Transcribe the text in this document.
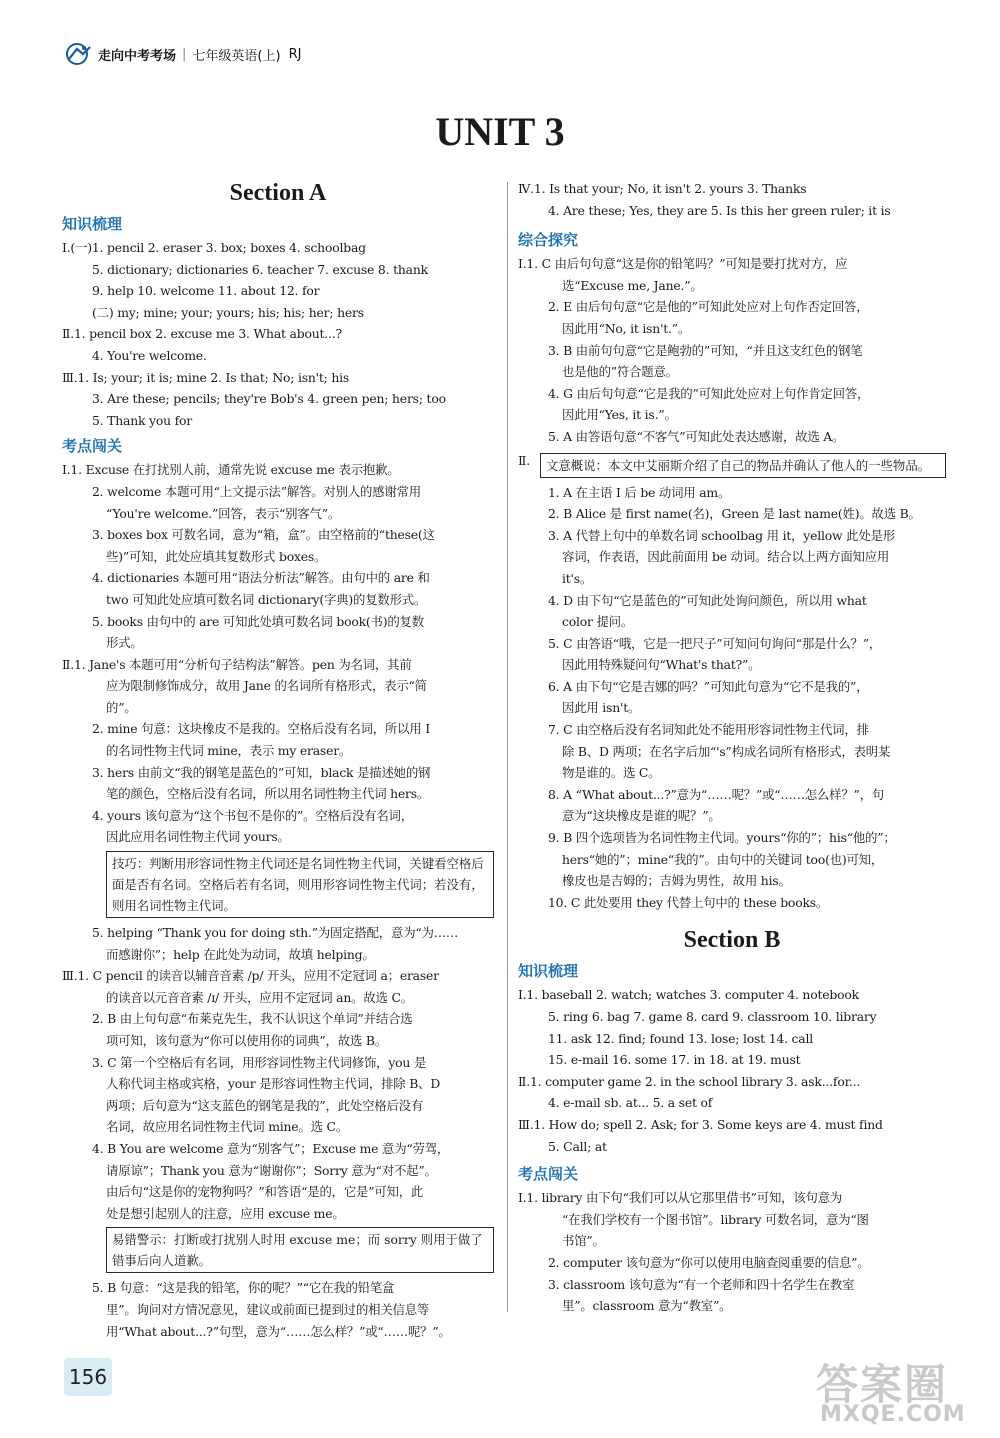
走向中考考场 | 七年级英语(上) RJ
UNIT 3
Section A
知识梳理
Ⅰ.(一)1. pencil 2. eraser 3. box; boxes 4. schoolbag
5. dictionary; dictionaries 6. teacher 7. excuse 8. thank
9. help 10. welcome 11. about 12. for
(二) my; mine; your; yours; his; his; her; hers
Ⅱ.1. pencil box 2. excuse me 3. What about...?
4. You're welcome.
Ⅲ.1. Is; your; it is; mine 2. Is that; No; isn't; his
3. Are these; pencils; they're Bob's 4. green pen; hers; too
5. Thank you for
考点闯关
Ⅰ.1. Excuse 在打扰别人前，通常先说 excuse me 表示抱歉。
2. welcome 本题可用“上文提示法”解答。对别人的感谢常用
“You're welcome.”回答，表示“别客气”。
3. boxes box 可数名词，意为“箱，盒”。由空格前的“these(这
些)”可知，此处应填其复数形式 boxes。
4. dictionaries 本题可用“语法分析法”解答。由句中的 are 和
two 可知此处应填可数名词 dictionary(字典)的复数形式。
5. books 由句中的 are 可知此处填可数名词 book(书)的复数
形式。
Ⅱ.1. Jane's 本题可用“分析句子结构法”解答。pen 为名词，其前
应为限制修饰成分，故用 Jane 的名词所有格形式，表示“简
的”。
2. mine 句意：这块橡皮不是我的。空格后没有名词，所以用 I
的名词性物主代词 mine，表示 my eraser。
3. hers 由前文“我的钢笔是蓝色的”可知，black 是描述她的钢
笔的颜色，空格后没有名词，所以用名词性物主代词 hers。
4. yours 该句意为“这个书包不是你的”。空格后没有名词，
因此应用名词性物主代词 yours。
技巧：判断用形容词性物主代词还是名词性物主代词，关键看空格后面是否有名词。空格后若有名词，则用形容词性物主代词；若没有，则用名词性物主代词。
5. helping “Thank you for doing sth.”为固定搭配，意为“为……
而感谢你”；help 在此处为动词，故填 helping。
Ⅲ.1. C pencil 的读音以辅音音素 /p/ 开头，应用不定冠词 a；eraser
的读音以元音音素 /ɪ/ 开头，应用不定冠词 an。故选 C。
2. B 由上句句意“布莱克先生，我不认识这个单词”并结合选
项可知，该句意为“你可以使用你的词典”，故选 B。
3. C 第一个空格后有名词，用形容词性物主代词修饰，you 是
人称代词主格或宾格，your 是形容词性物主代词，排除 B、D
两项；后句意为“这支蓝色的钢笔是我的”，此处空格后没有
名词，故应用名词性物主代词 mine。选 C。
4. B You are welcome 意为“别客气”；Excuse me 意为“劳驾，
请原谅”；Thank you 意为“谢谢你”；Sorry 意为“对不起”。
由后句“这是你的宠物狗吗？”和答语“是的，它是”可知，此
处是想引起别人的注意，应用 excuse me。
易错警示：打断或打扰别人时用 excuse me；而 sorry 则用于做了错事后向人道歉。
5. B 句意：“这是我的铅笔，你的呢？”“它在我的铅笔盒
里”。询问对方情况意见，建议或前面已提到过的相关信息等
用“What about...?”句型，意为“……怎么样？”或“……呢？”。
Ⅳ.1. Is that your; No, it isn't 2. yours 3. Thanks
4. Are these; Yes, they are 5. Is this her green ruler; it is
综合探究
Ⅰ.1. C 由后句句意“这是你的铅笔吗？”可知是要打扰对方，应
选“Excuse me, Jane.”。
2. E 由后句句意“它是他的”可知此处应对上句作否定回答，
因此用“No, it isn't.”。
3. B 由前句句意“它是鲍勃的”可知，“并且这支红色的钢笔
也是他的”符合题意。
4. G 由后句句意“它是我的”可知此处应对上句作肯定回答，
因此用“Yes, it is.”。
5. A 由答语句意“不客气”可知此处表达感谢，故选 A。
Ⅱ.	文意概说：本文中艾丽斯介绍了自己的物品并确认了他人的一些物品。
1. A 在主语 I 后 be 动词用 am。
2. B Alice 是 first name(名)，Green 是 last name(姓)。故选 B。
3. A 代替上句中的单数名词 schoolbag 用 it，yellow 此处是形
容词，作表语，因此前面用 be 动词。结合以上两方面知应用
it's。
4. D 由下句“它是蓝色的”可知此处询问颜色，所以用 what
color 提问。
5. C 由答语“哦，它是一把尺子”可知问句询问“那是什么？”，
因此用特殊疑问句“What's that?”。
6. A 由下句“它是吉娜的吗？”可知此句意为“它不是我的”，
因此用 isn't。
7. C 由空格后没有名词知此处不能用形容词性物主代词，排
除 B、D 两项；在名字后加“'s”构成名词所有格形式，表明某
物是谁的。选 C。
8. A “What about...?”意为“……呢？”或“……怎么样？”，句
意为“这块橡皮是谁的呢？”。
9. B 四个选项皆为名词性物主代词。yours“你的”；his“他的”；
hers“她的”；mine“我的”。由句中的关键词 too(也)可知，
橡皮也是吉姆的；吉姆为男性，故用 his。
10. C 此处要用 they 代替上句中的 these books。
Section B
知识梳理
Ⅰ.1. baseball 2. watch; watches 3. computer 4. notebook
5. ring 6. bag 7. game 8. card 9. classroom 10. library
11. ask 12. find; found 13. lose; lost 14. call
15. e-mail 16. some 17. in 18. at 19. must
Ⅱ.1. computer game 2. in the school library 3. ask...for...
4. e-mail sb. at... 5. a set of
Ⅲ.1. How do; spell 2. Ask; for 3. Some keys are 4. must find
5. Call; at
考点闯关
Ⅰ.1. library 由下句“我们可以从它那里借书”可知，该句意为
“在我们学校有一个图书馆”。library 可数名词，意为“图
书馆”。
2. computer 该句意为“你可以使用电脑查阅重要的信息”。
3. classroom 该句意为“有一个老师和四十名学生在教室
里”。classroom 意为“教室”。
156	答案圈
MXQE.COM
